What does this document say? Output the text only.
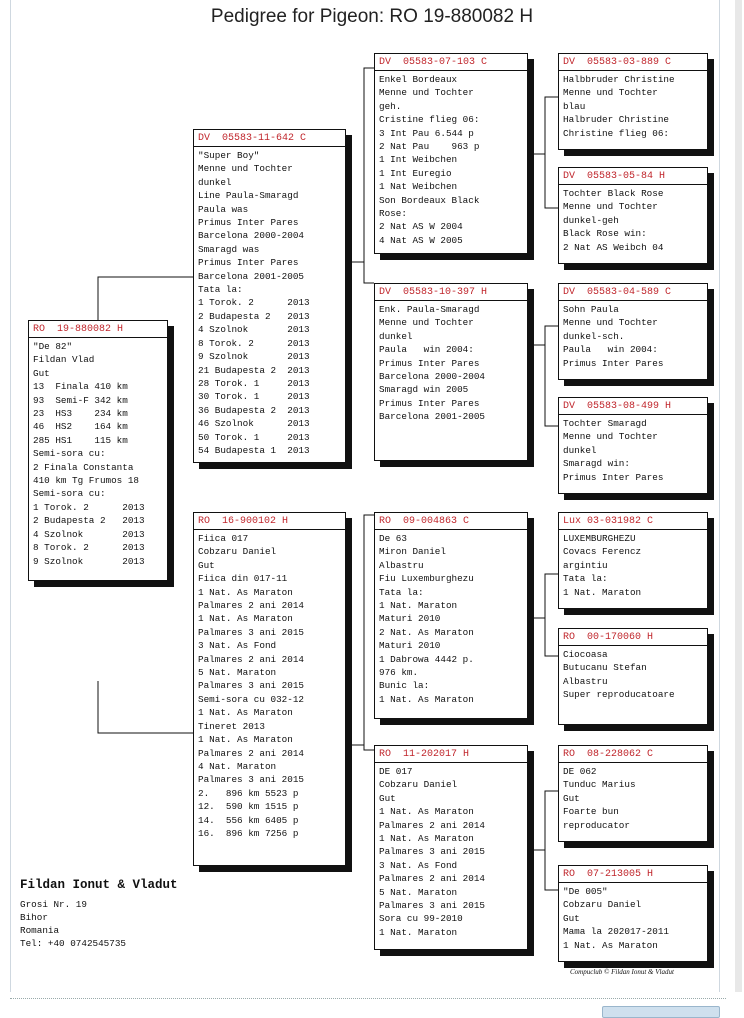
Pedigree for Pigeon: RO 19-880082 H
RO  19-880082 H
"De 82"
Fildan Vlad
Gut
13  Finala 410 km
93  Semi-F 342 km
23  HS3    234 km
46  HS2    164 km
285 HS1    115 km
Semi-sora cu:
2 Finala Constanta
410 km Tg Frumos 18
Semi-sora cu:
1 Torok. 2      2013
2 Budapesta 2   2013
4 Szolnok       2013
8 Torok. 2      2013
9 Szolnok       2013
DV  05583-11-642 C
"Super Boy"
Menne und Tochter
dunkel
Line Paula-Smaragd
Paula was
Primus Inter Pares
Barcelona 2000-2004
Smaragd was
Primus Inter Pares
Barcelona 2001-2005
Tata la:
1 Torok. 2      2013
2 Budapesta 2   2013
4 Szolnok       2013
8 Torok. 2      2013
9 Szolnok       2013
21 Budapesta 2  2013
28 Torok. 1     2013
30 Torok. 1     2013
36 Budapesta 2  2013
46 Szolnok      2013
50 Torok. 1     2013
54 Budapesta 1  2013
RO  16-900102 H
Fiica 017
Cobzaru Daniel
Gut
Fiica din 017-11
1 Nat. As Maraton
Palmares 2 ani 2014
1 Nat. As Maraton
Palmares 3 ani 2015
3 Nat. As Fond
Palmares 2 ani 2014
5 Nat. Maraton
Palmares 3 ani 2015
Semi-sora cu 032-12
1 Nat. As Maraton
Tineret 2013
1 Nat. As Maraton
Palmares 2 ani 2014
4 Nat. Maraton
Palmares 3 ani 2015
2.   896 km 5523 p
12.  590 km 1515 p
14.  556 km 6405 p
16.  896 km 7256 p
DV  05583-07-103 C
Enkel Bordeaux
Menne und Tochter
geh.
Cristine flieg 06:
3 Int Pau 6.544 p
2 Nat Pau    963 p
1 Int Weibchen
1 Int Euregio
1 Nat Weibchen
Son Bordeaux Black
Rose:
2 Nat AS W 2004
4 Nat AS W 2005
DV  05583-10-397 H
Enk. Paula-Smaragd
Menne und Tochter
dunkel
Paula   win 2004:
Primus Inter Pares
Barcelona 2000-2004
Smaragd win 2005
Primus Inter Pares
Barcelona 2001-2005
RO  09-004863 C
De 63
Miron Daniel
Albastru
Fiu Luxemburghezu
Tata la:
1 Nat. Maraton
Maturi 2010
2 Nat. As Maraton
Maturi 2010
1 Dabrowa 4442 p.
976 km.
Bunic la:
1 Nat. As Maraton
RO  11-202017 H
DE 017
Cobzaru Daniel
Gut
1 Nat. As Maraton
Palmares 2 ani 2014
1 Nat. As Maraton
Palmares 3 ani 2015
3 Nat. As Fond
Palmares 2 ani 2014
5 Nat. Maraton
Palmares 3 ani 2015
Sora cu 99-2010
1 Nat. Maraton
DV  05583-03-889 C
Halbbruder Christine
Menne und Tochter
blau
Halbruder Christine
Christine flieg 06:
DV  05583-05-84 H
Tochter Black Rose
Menne und Tochter
dunkel-geh
Black Rose win:
2 Nat AS Weibch 04
DV  05583-04-589 C
Sohn Paula
Menne und Tochter
dunkel-sch.
Paula   win 2004:
Primus Inter Pares
DV  05583-08-499 H
Tochter Smaragd
Menne und Tochter
dunkel
Smaragd win:
Primus Inter Pares
Lux 03-031982 C
LUXEMBURGHEZU
Covacs Ferencz
argintiu
Tata la:
1 Nat. Maraton
RO  00-170060 H
Ciocoasa
Butucanu Stefan
Albastru
Super reproducatoare
RO  08-228062 C
DE 062
Tunduc Marius
Gut
Foarte bun
reproducator
RO  07-213005 H
"De 005"
Cobzaru Daniel
Gut
Mama la 202017-2011
1 Nat. As Maraton
Fildan Ionut & Vladut
Grosi Nr. 19
Bihor
Romania
Tel: +40 0742545735
Compuclub © Fildan Ionut & Vladut
